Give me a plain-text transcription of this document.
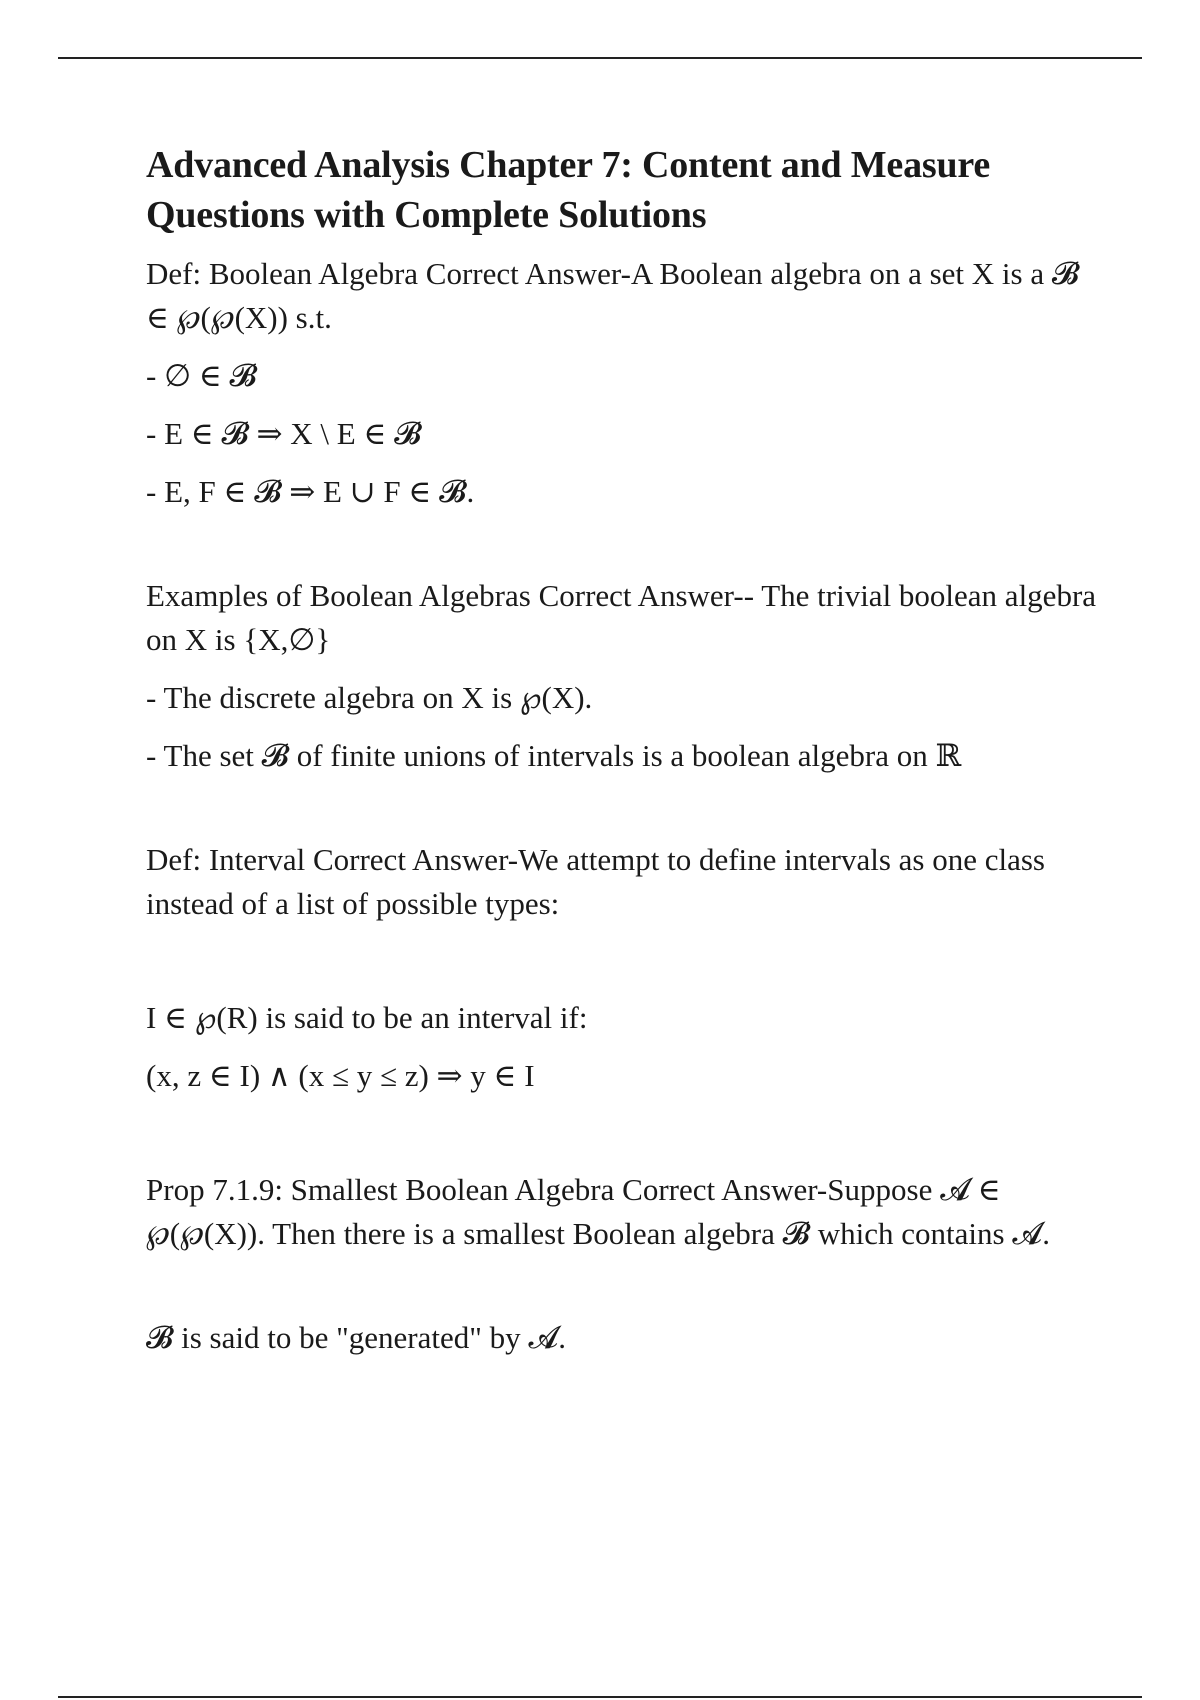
Advanced Analysis Chapter 7: Content and Measure Questions with Complete Solutions

Def: Boolean Algebra Correct Answer-A Boolean algebra on a set X is a 𝓑 ∈ ℘(℘(X)) s.t.

- ∅ ∈ 𝓑

- E ∈ 𝓑 ⇒ X \ E ∈ 𝓑

- E, F ∈ 𝓑 ⇒ E ∪ F ∈ 𝓑.

Examples of Boolean Algebras Correct Answer-- The trivial boolean algebra on X is {X,∅}

- The discrete algebra on X is ℘(X).

- The set 𝓑 of finite unions of intervals is a boolean algebra on ℝ

Def: Interval Correct Answer-We attempt to define intervals as one class instead of a list of possible types:

I ∈ ℘(R) is said to be an interval if:

(x, z ∈ I) ∧ (x ≤ y ≤ z) ⇒ y ∈ I

Prop 7.1.9: Smallest Boolean Algebra Correct Answer-Suppose 𝓐 ∈ ℘(℘(X)). Then there is a smallest Boolean algebra 𝓑 which contains 𝓐.

𝓑 is said to be "generated" by 𝓐.
